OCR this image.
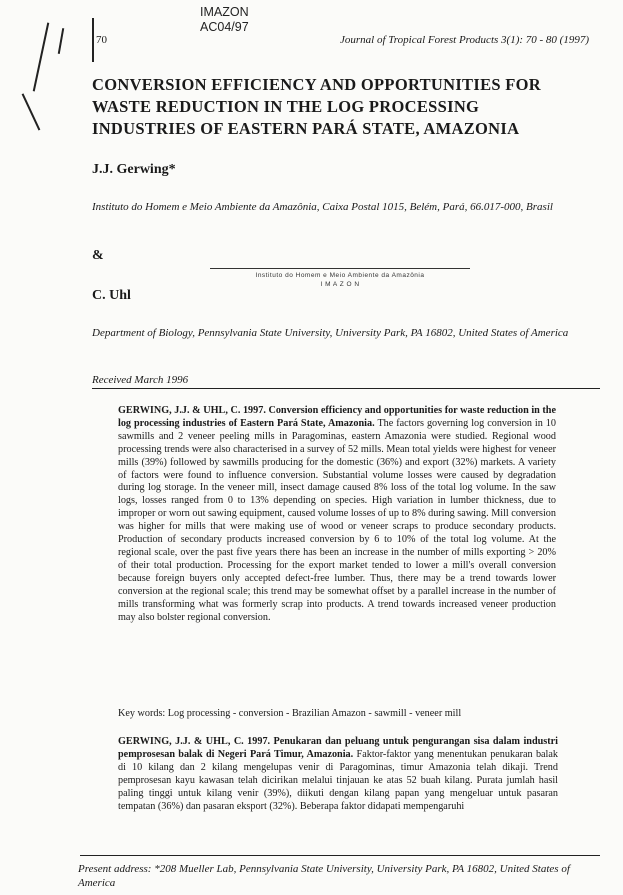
IMAZON
AC04/97
70	Journal of Tropical Forest Products 3(1): 70 - 80 (1997)
CONVERSION EFFICIENCY AND OPPORTUNITIES FOR
WASTE REDUCTION IN THE LOG PROCESSING
INDUSTRIES OF EASTERN PARÁ STATE, AMAZONIA
J.J. Gerwing*
Instituto do Homem e Meio Ambiente da Amazônia, Caixa Postal 1015, Belém, Pará, 66.017-000, Brasil
&
Instituto do Homem e Meio Ambiente da Amazônia
I M A Z O N
C. Uhl
Department of Biology, Pennsylvania State University, University Park, PA 16802, United States of America
Received March 1996
GERWING, J.J. & UHL, C. 1997. Conversion efficiency and opportunities for waste reduction in the log processing industries of Eastern Pará State, Amazonia. The factors governing log conversion in 10 sawmills and 2 veneer peeling mills in Paragominas, eastern Amazonia were studied. Regional wood processing trends were also characterised in a survey of 52 mills. Mean total yields were highest for veneer mills (39%) followed by sawmills producing for the domestic (36%) and export (32%) markets. A variety of factors were found to influence conversion. Substantial volume losses were caused by degradation during log storage. In the veneer mill, insect damage caused 8% loss of the total log volume. In the saw logs, losses ranged from 0 to 13% depending on species. High variation in lumber thickness, due to improper or worn out sawing equipment, caused volume losses of up to 8% during sawing. Mill conversion was higher for mills that were making use of wood or veneer scraps to produce secondary products. Production of secondary products increased conversion by 6 to 10% of the total log volume. At the regional scale, over the past five years there has been an increase in the number of mills exporting > 20% of their total production. Processing for the export market tended to lower a mill's overall conversion because foreign buyers only accepted defect-free lumber. Thus, there may be a trend towards lower conversion at the regional scale; this trend may be somewhat offset by a parallel increase in the number of mills transforming what was formerly scrap into products. A trend towards increased veneer production may also bolster regional conversion.
Key words: Log processing - conversion - Brazilian Amazon - sawmill - veneer mill
GERWING, J.J. & UHL, C. 1997. Penukaran dan peluang untuk pengurangan sisa dalam industri pemprosesan balak di Negeri Pará Timur, Amazonia. Faktor-faktor yang menentukan penukaran balak di 10 kilang dan 2 kilang mengelupas venir di Paragominas, timur Amazonia telah dikaji. Trend pemprosesan kayu kawasan telah dicirikan melalui tinjauan ke atas 52 buah kilang. Purata jumlah hasil paling tinggi untuk kilang venir (39%), diikuti dengan kilang papan yang mengeluar untuk pasaran tempatan (36%) dan pasaran eksport (32%). Beberapa faktor didapati mempengaruhi
Present address: *208 Mueller Lab, Pennsylvania State University, University Park, PA 16802, United States of America
